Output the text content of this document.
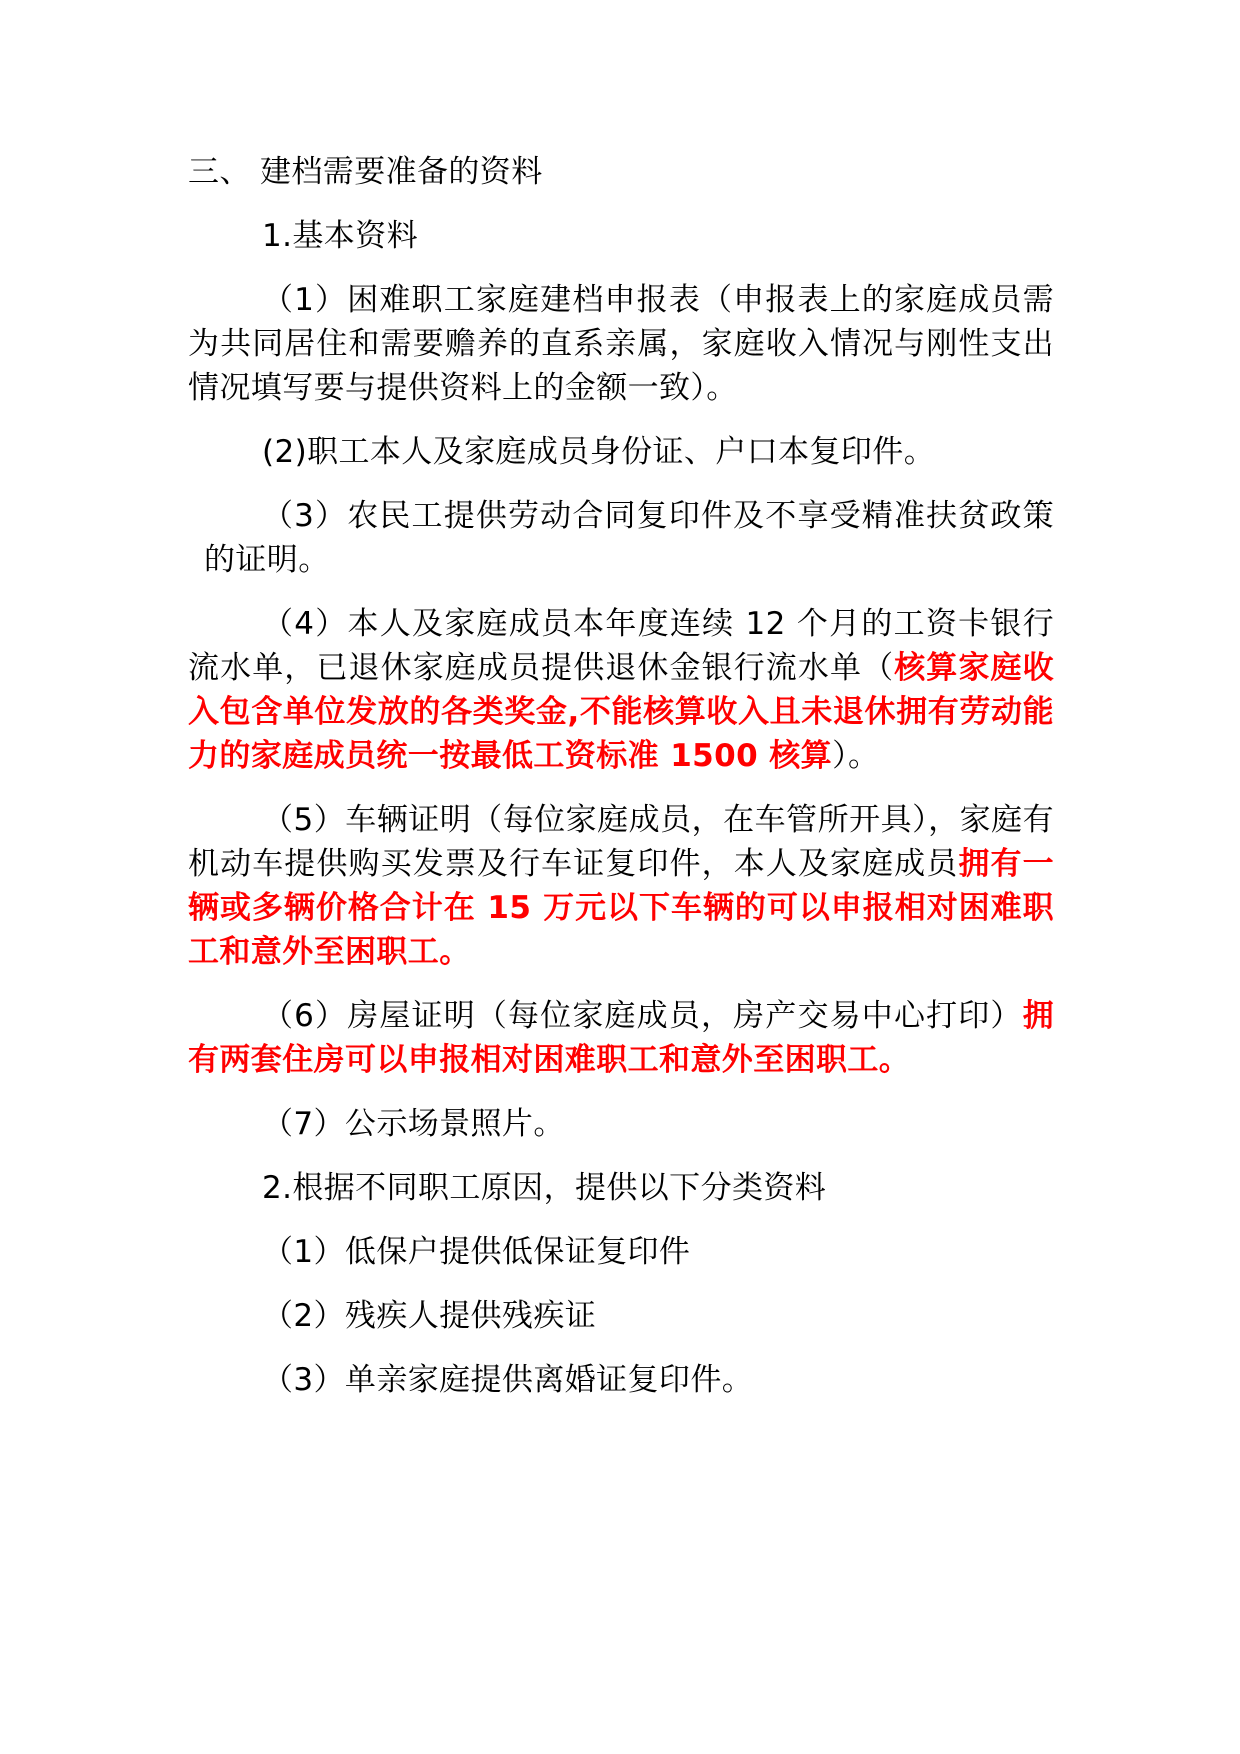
三、 建档需要准备的资料

1.基本资料

（1）困难职工家庭建档申报表（申报表上的家庭成员需为共同居住和需要赡养的直系亲属，家庭收入情况与刚性支出情况填写要与提供资料上的金额一致）。

(2)职工本人及家庭成员身份证、户口本复印件。

（3）农民工提供劳动合同复印件及不享受精准扶贫政策的证明。

（4）本人及家庭成员本年度连续 12 个月的工资卡银行流水单，已退休家庭成员提供退休金银行流水单（核算家庭收入包含单位发放的各类奖金,不能核算收入且未退休拥有劳动能力的家庭成员统一按最低工资标准 1500 核算）。

（5）车辆证明（每位家庭成员，在车管所开具），家庭有机动车提供购买发票及行车证复印件，本人及家庭成员拥有一辆或多辆价格合计在 15 万元以下车辆的可以申报相对困难职工和意外至困职工。

（6）房屋证明（每位家庭成员，房产交易中心打印）拥有两套住房可以申报相对困难职工和意外至困职工。

（7）公示场景照片。

2.根据不同职工原因，提供以下分类资料

（1）低保户提供低保证复印件

（2）残疾人提供残疾证

（3）单亲家庭提供离婚证复印件。
